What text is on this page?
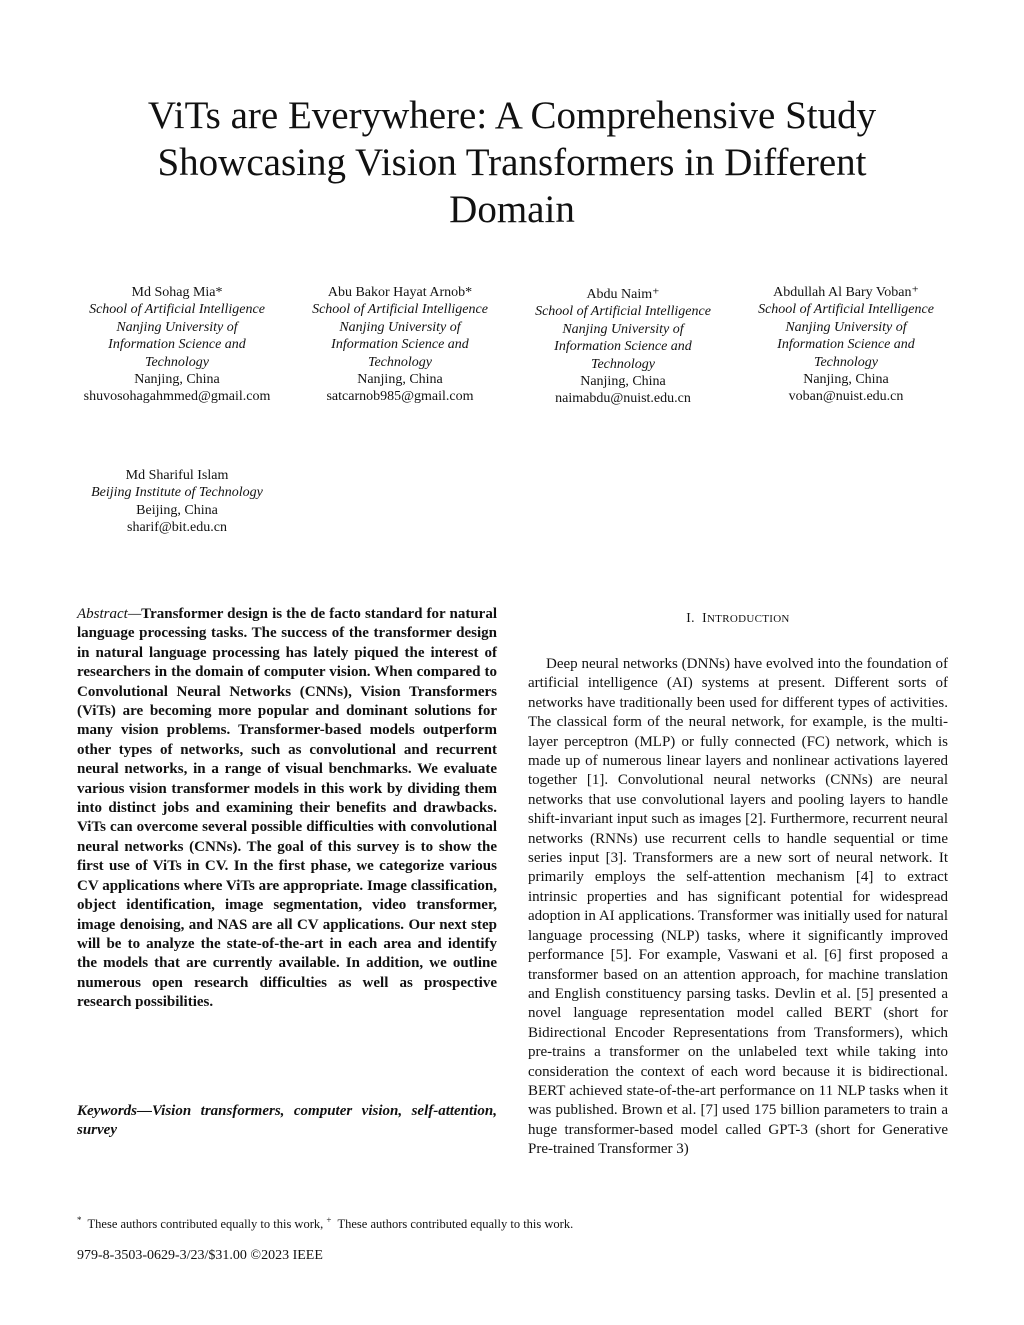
ViTs are Everywhere: A Comprehensive Study
Showcasing Vision Transformers in Different
Domain
Md Sohag Mia*
School of Artificial Intelligence
Nanjing University of
Information Science and
Technology
Nanjing, China
shuvosohagahmmed@gmail.com
Abu Bakor Hayat Arnob*
School of Artificial Intelligence
Nanjing University of
Information Science and
Technology
Nanjing, China
satcarnob985@gmail.com
Abdu Naim⁺
School of Artificial Intelligence
Nanjing University of
Information Science and
Technology
Nanjing, China
naimabdu@nuist.edu.cn
Abdullah Al Bary Voban⁺
School of Artificial Intelligence
Nanjing University of
Information Science and
Technology
Nanjing, China
voban@nuist.edu.cn
Md Shariful Islam
Beijing Institute of Technology
Beijing, China
sharif@bit.edu.cn
Abstract—Transformer design is the de facto standard for natural language processing tasks. The success of the transformer design in natural language processing has lately piqued the interest of researchers in the domain of computer vision. When compared to Convolutional Neural Networks (CNNs), Vision Transformers (ViTs) are becoming more popular and dominant solutions for many vision problems. Transformer-based models outperform other types of networks, such as convolutional and recurrent neural networks, in a range of visual benchmarks. We evaluate various vision transformer models in this work by dividing them into distinct jobs and examining their benefits and drawbacks. ViTs can overcome several possible difficulties with convolutional neural networks (CNNs). The goal of this survey is to show the first use of ViTs in CV. In the first phase, we categorize various CV applications where ViTs are appropriate. Image classification, object identification, image segmentation, video transformer, image denoising, and NAS are all CV applications. Our next step will be to analyze the state-of-the-art in each area and identify the models that are currently available. In addition, we outline numerous open research difficulties as well as prospective research possibilities.
Keywords—Vision transformers, computer vision, self-attention, survey
I. INTRODUCTION

Deep neural networks (DNNs) have evolved into the foundation of artificial intelligence (AI) systems at present. Different sorts of networks have traditionally been used for different types of activities. The classical form of the neural network, for example, is the multi-layer perceptron (MLP) or fully connected (FC) network, which is made up of numerous linear layers and nonlinear activations layered together [1]. Convolutional neural networks (CNNs) are neural networks that use convolutional layers and pooling layers to handle shift-invariant input such as images [2]. Furthermore, recurrent neural networks (RNNs) use recurrent cells to handle sequential or time series input [3]. Transformers are a new sort of neural network. It primarily employs the self-attention mechanism [4] to extract intrinsic properties and has significant potential for widespread adoption in AI applications. Transformer was initially used for natural language processing (NLP) tasks, where it significantly improved performance [5]. For example, Vaswani et al. [6] first proposed a transformer based on an attention approach, for machine translation and English constituency parsing tasks. Devlin et al. [5] presented a novel language representation model called BERT (short for Bidirectional Encoder Representations from Transformers), which pre-trains a transformer on the unlabeled text while taking into consideration the context of each word because it is bidirectional. BERT achieved state-of-the-art performance on 11 NLP tasks when it was published. Brown et al. [7] used 175 billion parameters to train a huge transformer-based model called GPT-3 (short for Generative Pre-trained Transformer 3)

* These authors contributed equally to this work, + These authors contributed equally to this work.
979-8-3503-0629-3/23/$31.00 ©2023 IEEE
